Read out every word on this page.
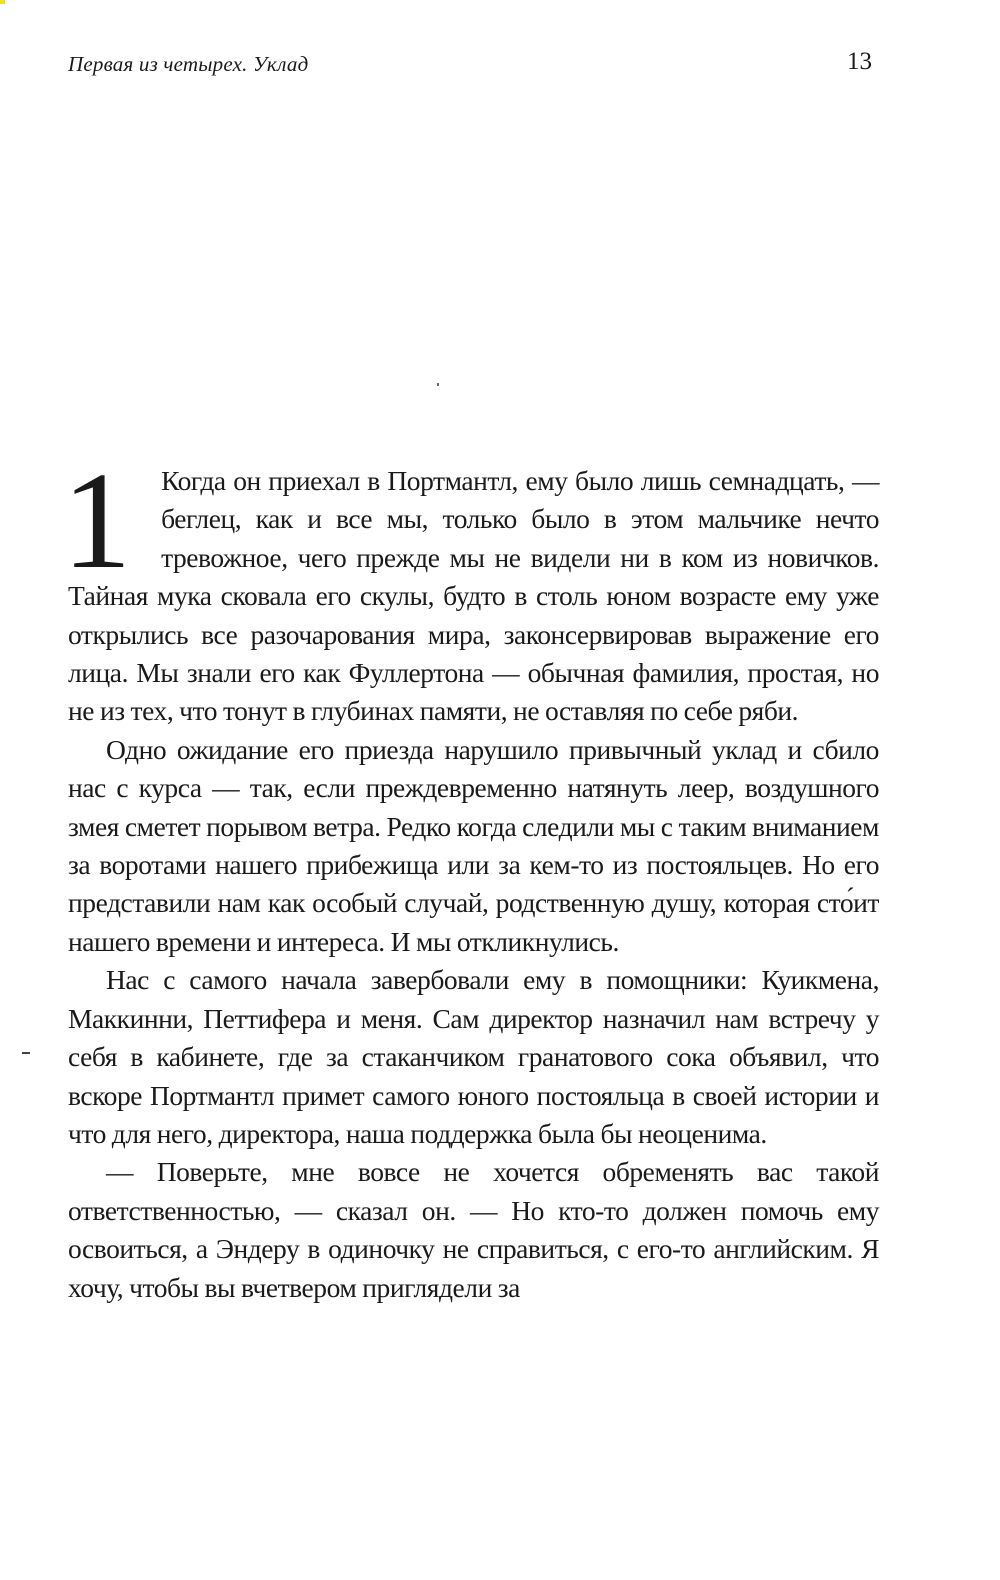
Первая из четырех. Уклад	13

1 Когда он приехал в Портмантл, ему было лишь семнадцать, — беглец, как и все мы, только было в этом мальчике нечто тревожное, чего прежде мы не видели ни в ком из новичков. Тайная мука сковала его скулы, будто в столь юном возрасте ему уже открылись все разочарования мира, законсервировав выражение его лица. Мы знали его как Фуллертона — обычная фамилия, простая, но не из тех, что тонут в глубинах памяти, не оставляя по себе ряби.

Одно ожидание его приезда нарушило привычный уклад и сбило нас с курса — так, если преждевременно натянуть леер, воздушного змея сметет порывом ветра. Редко когда следили мы с таким вниманием за воротами нашего прибежища или за кем-то из постояльцев. Но его представили нам как особый случай, родственную душу, которая сто́ит нашего времени и интереса. И мы откликнулись.

Нас с самого начала завербовали ему в помощники: Куикмена, Маккинни, Петтифера и меня. Сам директор назначил нам встречу у себя в кабинете, где за стаканчиком гранатового сока объявил, что вскоре Портмантл примет самого юного постояльца в своей истории и что для него, директора, наша поддержка была бы неоценима.

— Поверьте, мне вовсе не хочется обременять вас такой ответственностью, — сказал он. — Но кто-то должен помочь ему освоиться, а Эндеру в одиночку не справиться, с его-то английским. Я хочу, чтобы вы вчетвером приглядели за
